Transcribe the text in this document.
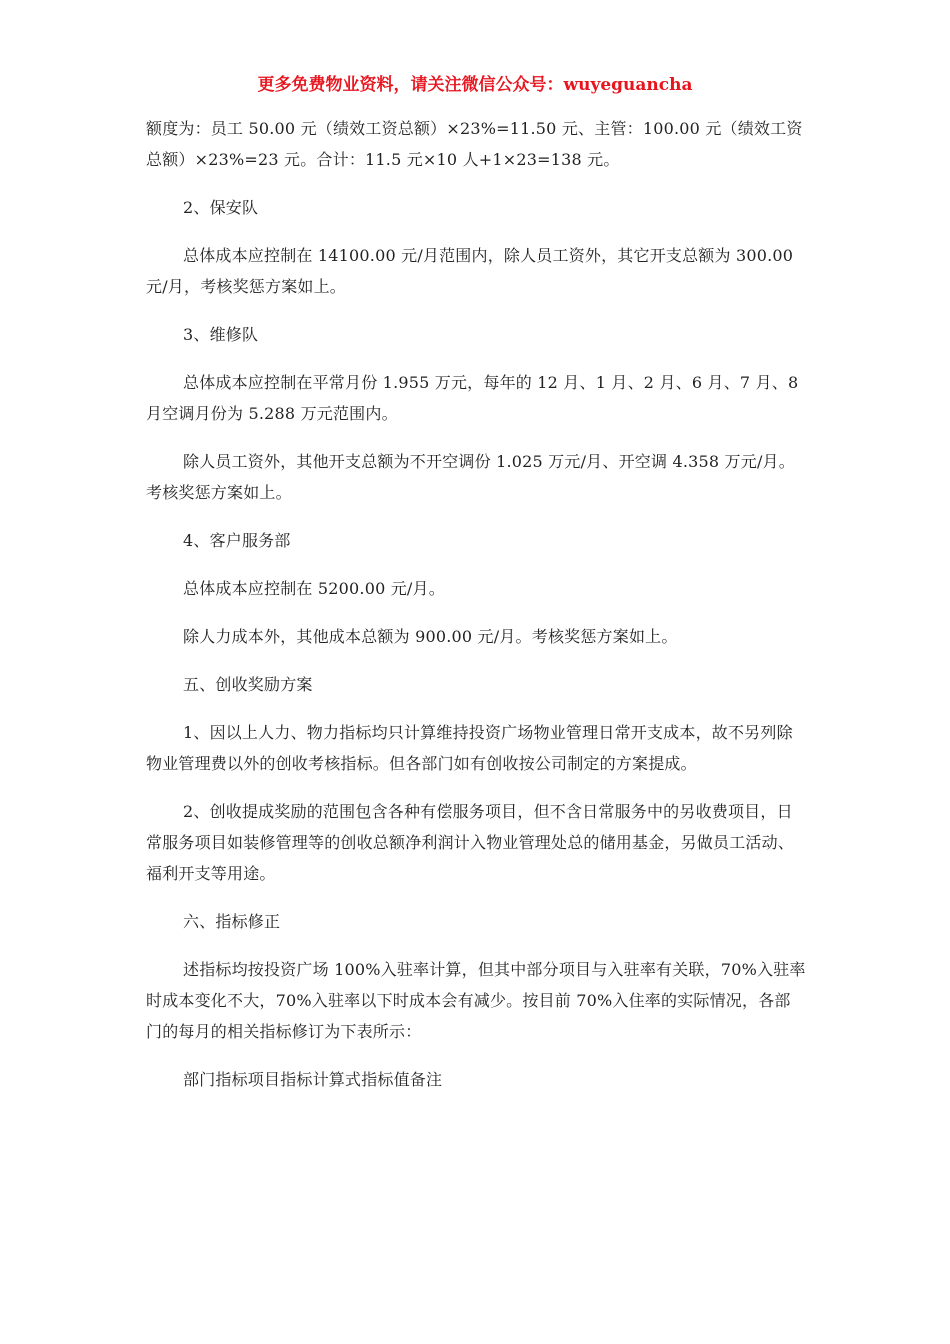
更多免费物业资料，请关注微信公众号：wuyeguancha

额度为：员工 50.00 元（绩效工资总额）×23%=11.50 元、主管：100.00 元（绩效工资总额）×23%=23 元。合计：11.5 元×10 人+1×23=138 元。

2、保安队

总体成本应控制在 14100.00 元/月范围内，除人员工资外，其它开支总额为 300.00 元/月，考核奖惩方案如上。

3、维修队

总体成本应控制在平常月份 1.955 万元，每年的 12 月、1 月、2 月、6 月、7 月、8 月空调月份为 5.288 万元范围内。

除人员工资外，其他开支总额为不开空调份 1.025 万元/月、开空调 4.358 万元/月。考核奖惩方案如上。

4、客户服务部

总体成本应控制在 5200.00 元/月。

除人力成本外，其他成本总额为 900.00 元/月。考核奖惩方案如上。

五、创收奖励方案

1、因以上人力、物力指标均只计算维持投资广场物业管理日常开支成本，故不另列除物业管理费以外的创收考核指标。但各部门如有创收按公司制定的方案提成。

2、创收提成奖励的范围包含各种有偿服务项目，但不含日常服务中的另收费项目，日常服务项目如装修管理等的创收总额净利润计入物业管理处总的储用基金，另做员工活动、福利开支等用途。

六、指标修正

述指标均按投资广场 100%入驻率计算，但其中部分项目与入驻率有关联，70%入驻率时成本变化不大，70%入驻率以下时成本会有减少。按目前 70%入住率的实际情况，各部门的每月的相关指标修订为下表所示：

部门指标项目指标计算式指标值备注
